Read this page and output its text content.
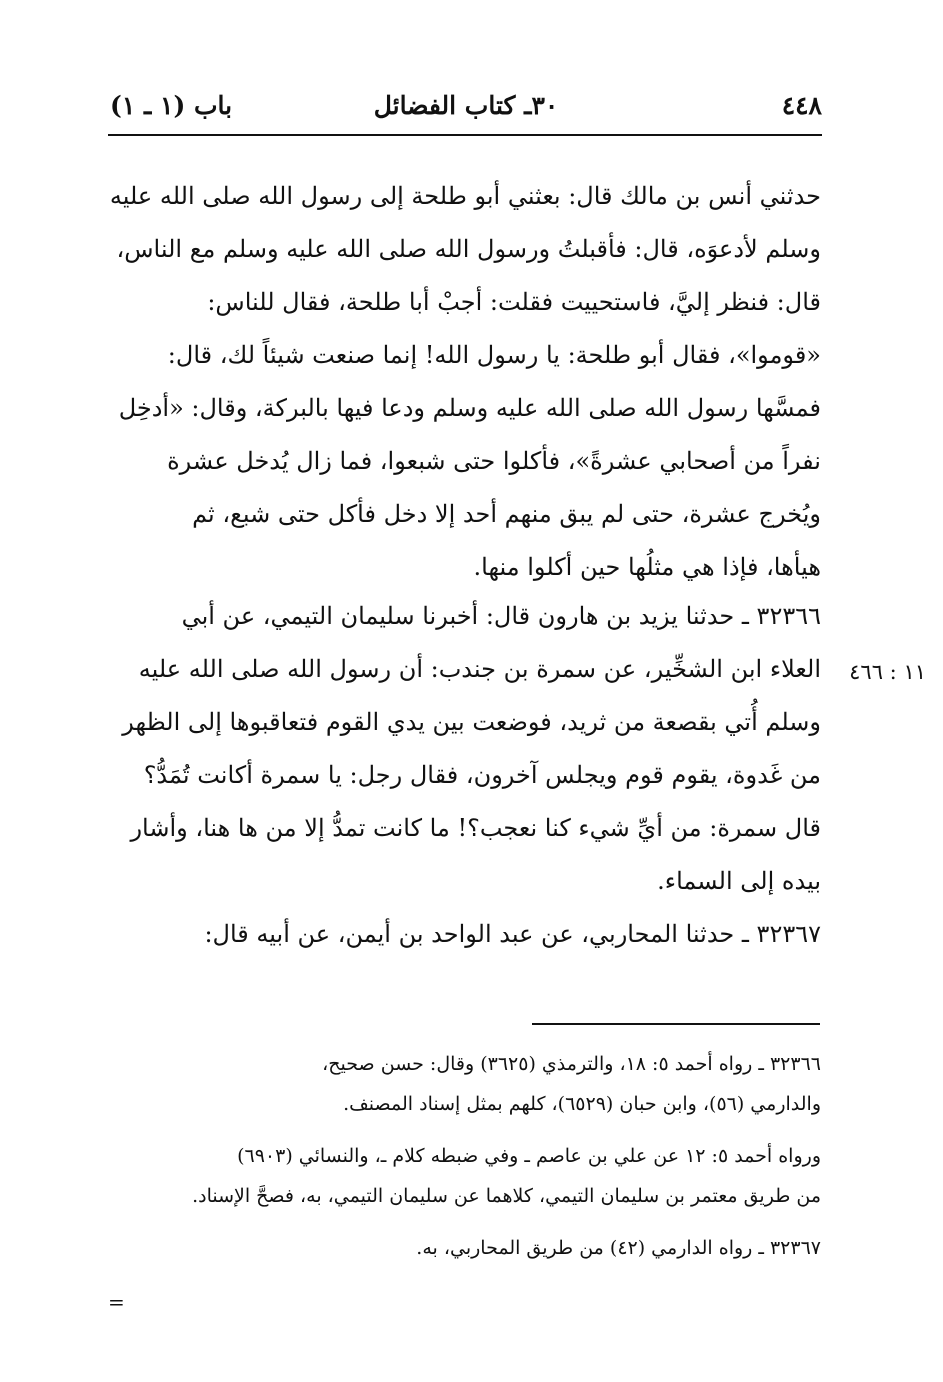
٤٤٨
٣٠ـ كتاب الفضائل
باب (١ ـ ١)
حدثني أنس بن مالك قال: بعثني أبو طلحة إلى رسول الله صلى الله عليه
وسلم لأدعوَه، قال: فأقبلتُ ورسول الله صلى الله عليه وسلم مع الناس،
قال: فنظر إليَّ، فاستحييت فقلت: أجبْ أبا طلحة، فقال للناس:
«قوموا»، فقال أبو طلحة: يا رسول الله! إنما صنعت شيئاً لك، قال:
فمسَّها رسول الله صلى الله عليه وسلم ودعا فيها بالبركة، وقال: «أدخِل
نفراً من أصحابي عشرةً»، فأكلوا حتى شبعوا، فما زال يُدخل عشرة
ويُخرج عشرة، حتى لم يبق منهم أحد إلا دخل فأكل حتى شبع، ثم
هيأها، فإذا هي مثلُها حين أكلوا منها.
٣٢٣٦٦ ـ حدثنا يزيد بن هارون قال: أخبرنا سليمان التيمي، عن أبي
العلاء ابن الشخِّير، عن سمرة بن جندب: أن رسول الله صلى الله عليه
وسلم أُتي بقصعة من ثريد، فوضعت بين يدي القوم فتعاقبوها إلى الظهر
من غَدوة، يقوم قوم ويجلس آخرون، فقال رجل: يا سمرة أكانت تُمَدُّ؟
قال سمرة: من أيِّ شيء كنا نعجب؟! ما كانت تمدُّ إلا من ها هنا، وأشار
بيده إلى السماء.
١١ : ٤٦٦
٣٢٣٦٧ ـ حدثنا المحاربي، عن عبد الواحد بن أيمن، عن أبيه قال:
٣٢٣٦٦ ـ رواه أحمد ٥: ١٨، والترمذي (٣٦٢٥) وقال: حسن صحيح،
والدارمي (٥٦)، وابن حبان (٦٥٢٩)، كلهم بمثل إسناد المصنف.
ورواه أحمد ٥: ١٢ عن علي بن عاصم ـ وفي ضبطه كلام ـ، والنسائي (٦٩٠٣)
من طريق معتمر بن سليمان التيمي، كلاهما عن سليمان التيمي، به، فصحَّ الإسناد.
٣٢٣٦٧ ـ رواه الدارمي (٤٢) من طريق المحاربي، به.
=
